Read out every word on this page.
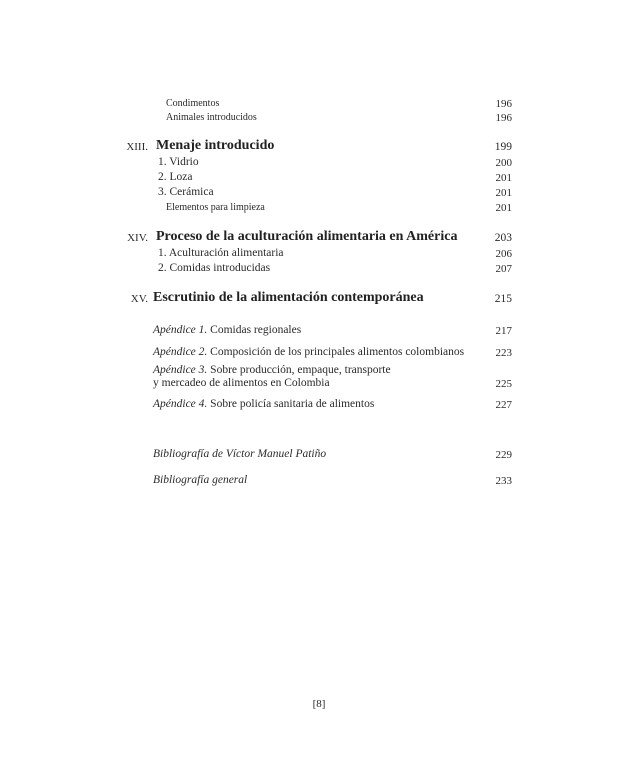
Condimentos	196
Animales introducidos	196
XIII. Menaje introducido	199
1. Vidrio	200
2. Loza	201
3. Cerámica	201
Elementos para limpieza	201
XIV. Proceso de la aculturación alimentaria en América	203
1. Aculturación alimentaria	206
2. Comidas introducidas	207
XV. Escrutinio de la alimentación contemporánea	215
Apéndice 1. Comidas regionales	217
Apéndice 2. Composición de los principales alimentos colombianos	223
Apéndice 3. Sobre producción, empaque, transporte
y mercadeo de alimentos en Colombia	225
Apéndice 4. Sobre policía sanitaria de alimentos	227
Bibliografía de Víctor Manuel Patiño	229
Bibliografía general	233
[8]
